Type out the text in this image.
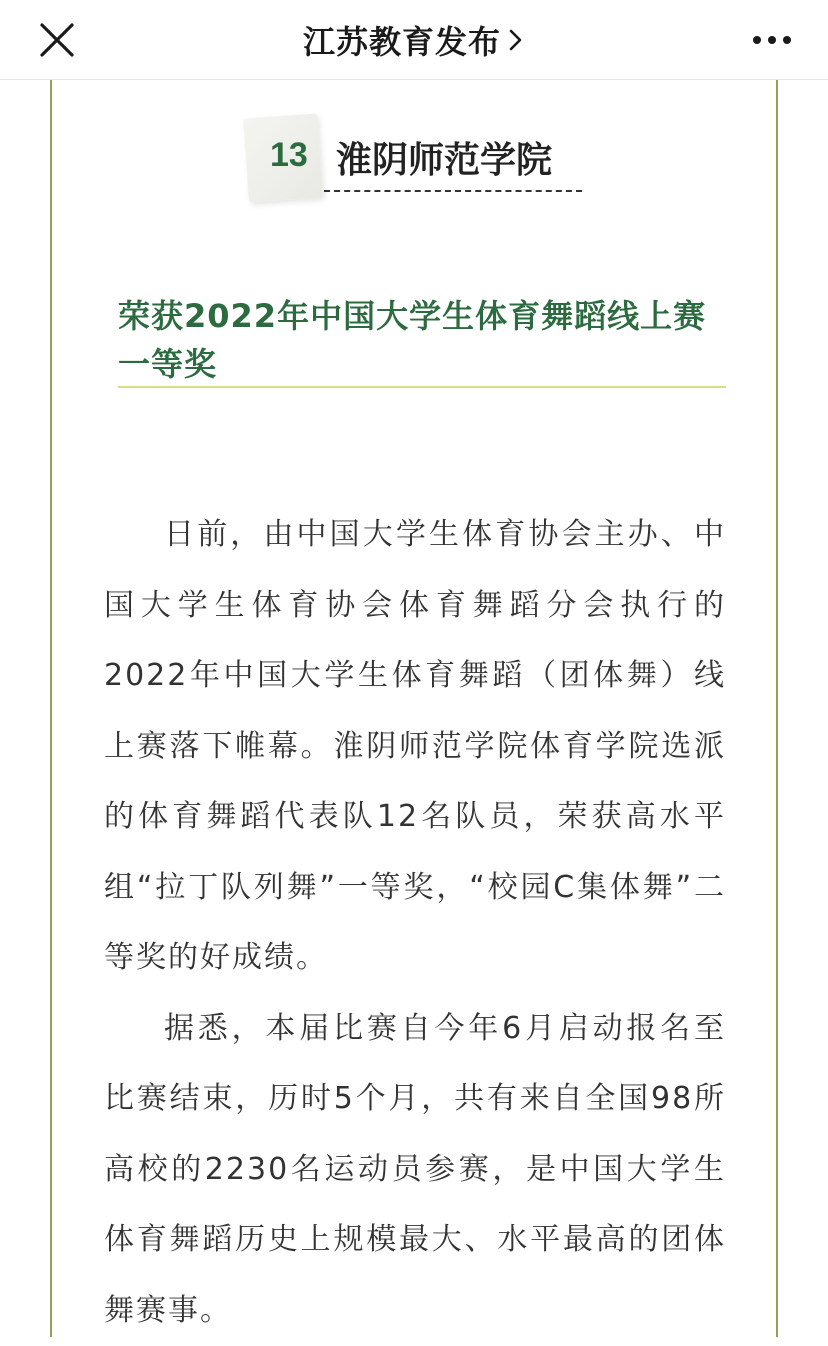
江苏教育发布
13 淮阴师范学院
荣获2022年中国大学生体育舞蹈线上赛一等奖

日前，由中国大学生体育协会主办、中国大学生体育协会体育舞蹈分会执行的2022年中国大学生体育舞蹈（团体舞）线上赛落下帷幕。淮阴师范学院体育学院选派的体育舞蹈代表队12名队员，荣获高水平组“拉丁队列舞”一等奖，“校园C集体舞”二等奖的好成绩。

据悉，本届比赛自今年6月启动报名至比赛结束，历时5个月，共有来自全国98所高校的2230名运动员参赛，是中国大学生体育舞蹈历史上规模最大、水平最高的团体舞赛事。
